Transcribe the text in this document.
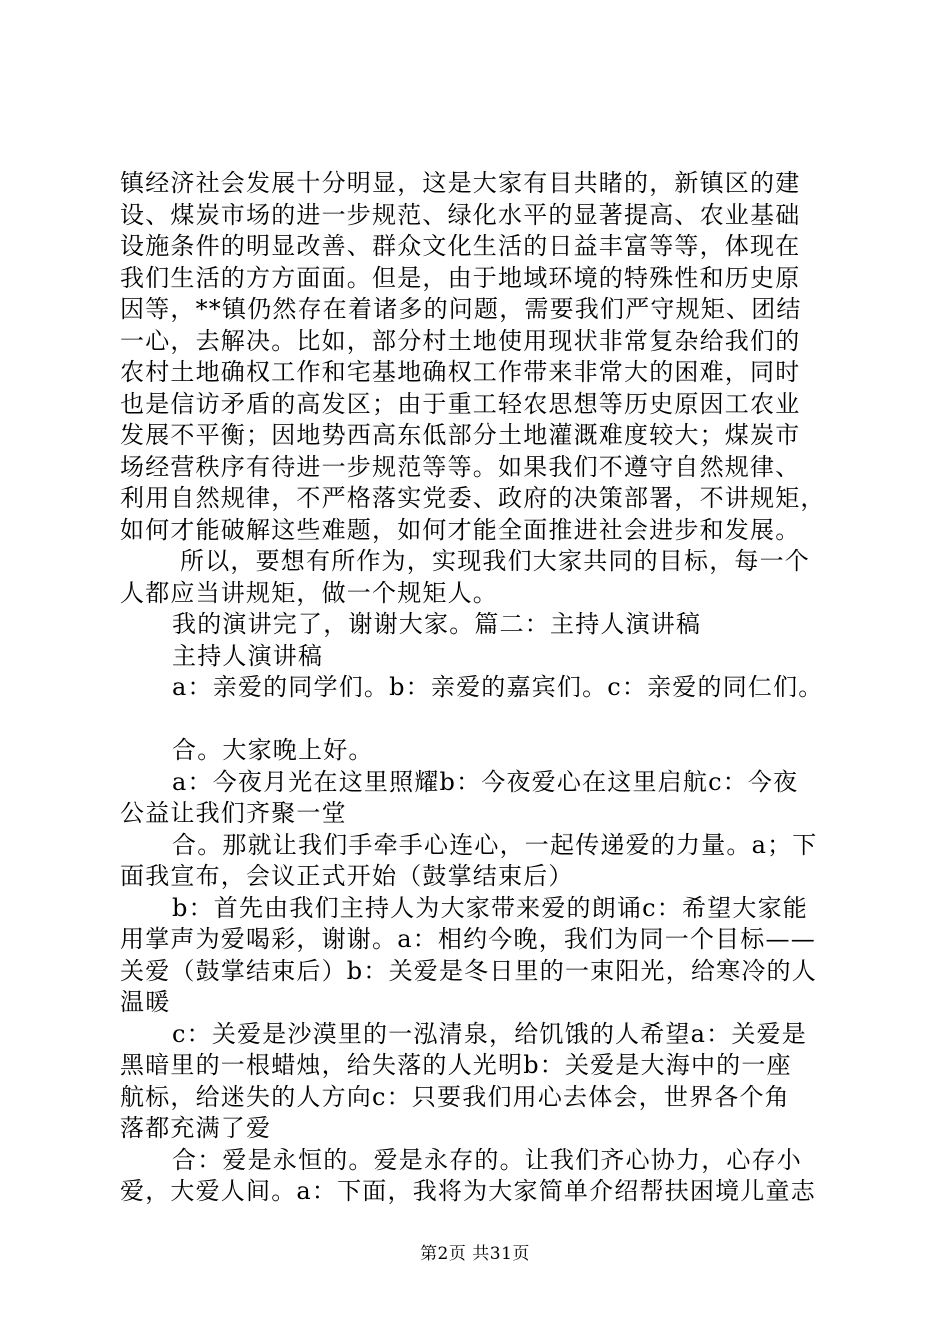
镇经济社会发展十分明显，这是大家有目共睹的，新镇区的建
设、煤炭市场的进一步规范、绿化水平的显著提高、农业基础
设施条件的明显改善、群众文化生活的日益丰富等等，体现在
我们生活的方方面面。但是，由于地域环境的特殊性和历史原
因等，**镇仍然存在着诸多的问题，需要我们严守规矩、团结
一心，去解决。比如，部分村土地使用现状非常复杂给我们的
农村土地确权工作和宅基地确权工作带来非常大的困难，同时
也是信访矛盾的高发区；由于重工轻农思想等历史原因工农业
发展不平衡；因地势西高东低部分土地灌溉难度较大；煤炭市
场经营秩序有待进一步规范等等。如果我们不遵守自然规律、
利用自然规律，不严格落实党委、政府的决策部署，不讲规矩，
如何才能破解这些难题，如何才能全面推进社会进步和发展。
所以，要想有所作为，实现我们大家共同的目标，每一个
人都应当讲规矩，做一个规矩人。
我的演讲完了，谢谢大家。篇二：主持人演讲稿
主持人演讲稿
a：亲爱的同学们。b：亲爱的嘉宾们。c：亲爱的同仁们。
合。大家晚上好。
a：今夜月光在这里照耀b：今夜爱心在这里启航c：今夜
公益让我们齐聚一堂
合。那就让我们手牵手心连心，一起传递爱的力量。a；下
面我宣布，会议正式开始（鼓掌结束后）
b：首先由我们主持人为大家带来爱的朗诵c：希望大家能
用掌声为爱喝彩，谢谢。a：相约今晚，我们为同一个目标——
关爱（鼓掌结束后）b：关爱是冬日里的一束阳光，给寒冷的人
温暖
c：关爱是沙漠里的一泓清泉，给饥饿的人希望a：关爱是
黑暗里的一根蜡烛，给失落的人光明b：关爱是大海中的一座
航标，给迷失的人方向c：只要我们用心去体会，世界各个角
落都充满了爱
合：爱是永恒的。爱是永存的。让我们齐心协力，心存小
爱，大爱人间。a：下面，我将为大家简单介绍帮扶困境儿童志
第2页 共31页
